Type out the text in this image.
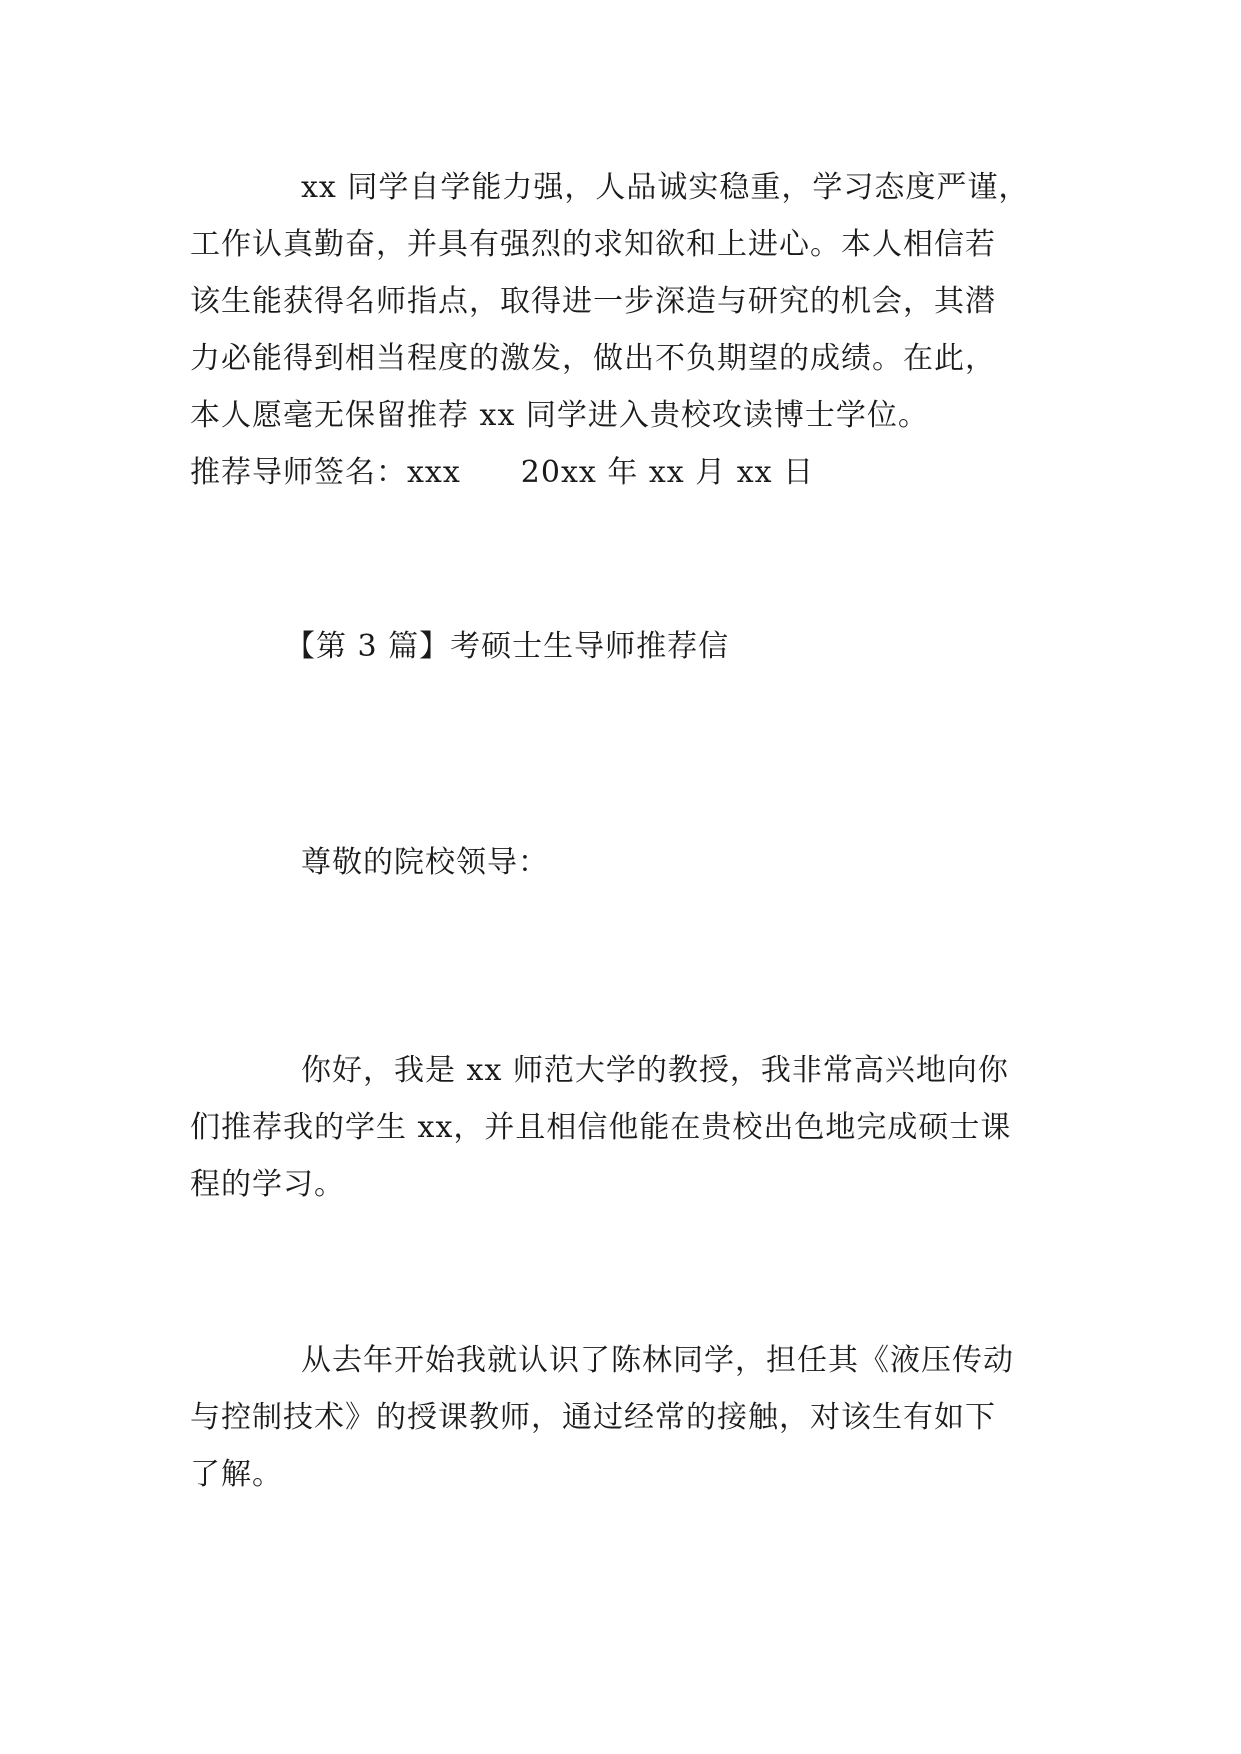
xx 同学自学能力强，人品诚实稳重，学习态度严谨，
工作认真勤奋，并具有强烈的求知欲和上进心。本人相信若
该生能获得名师指点，取得进一步深造与研究的机会，其潜
力必能得到相当程度的激发，做出不负期望的成绩。在此，
本人愿毫无保留推荐 xx 同学进入贵校攻读博士学位。
推荐导师签名：xxx 20xx 年 xx 月 xx 日
【第 3 篇】考硕士生导师推荐信
尊敬的院校领导：
你好，我是 xx 师范大学的教授，我非常高兴地向你
们推荐我的学生 xx，并且相信他能在贵校出色地完成硕士课
程的学习。
从去年开始我就认识了陈林同学，担任其《液压传动
与控制技术》的授课教师，通过经常的接触，对该生有如下
了解。
